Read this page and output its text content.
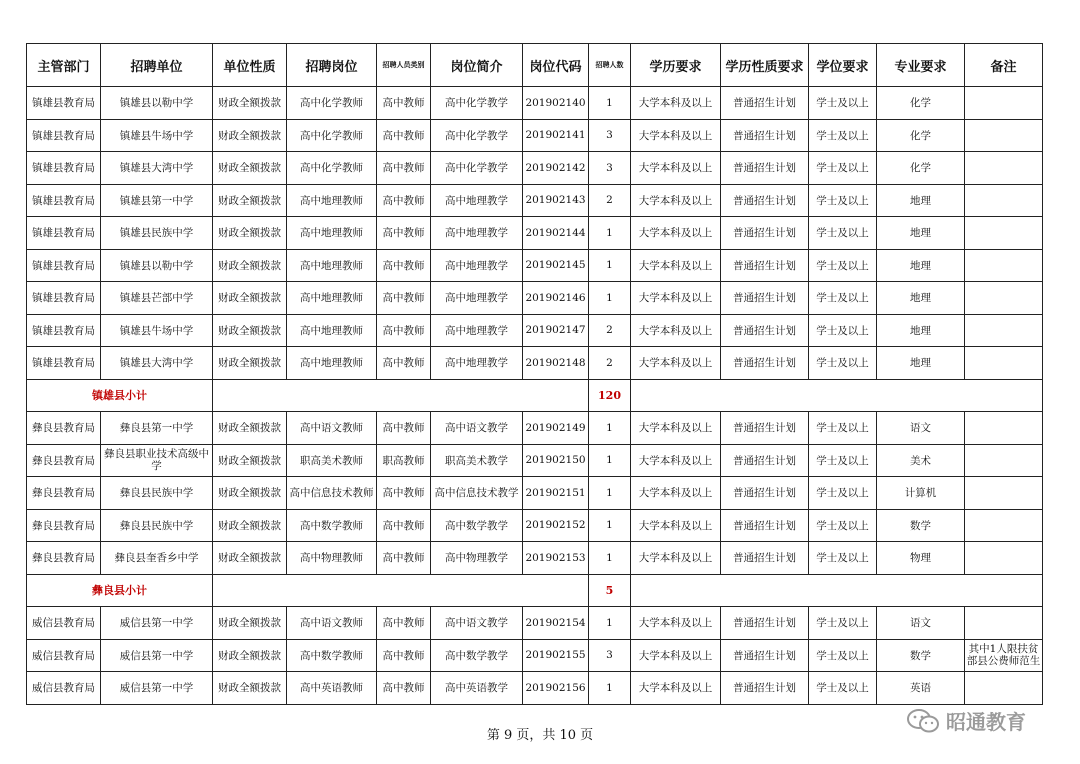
主管部门	招聘单位	单位性质	招聘岗位	招聘人员类别	岗位简介	岗位代码	招聘人数	学历要求	学历性质要求	学位要求	专业要求	备注
镇雄县教育局	镇雄县以勒中学	财政全额拨款	高中化学教师	高中教师	高中化学教学	201902140	1	大学本科及以上	普通招生计划	学士及以上	化学	
镇雄县教育局	镇雄县牛场中学	财政全额拨款	高中化学教师	高中教师	高中化学教学	201902141	3	大学本科及以上	普通招生计划	学士及以上	化学	
镇雄县教育局	镇雄县大湾中学	财政全额拨款	高中化学教师	高中教师	高中化学教学	201902142	3	大学本科及以上	普通招生计划	学士及以上	化学	
镇雄县教育局	镇雄县第一中学	财政全额拨款	高中地理教师	高中教师	高中地理教学	201902143	2	大学本科及以上	普通招生计划	学士及以上	地理	
镇雄县教育局	镇雄县民族中学	财政全额拨款	高中地理教师	高中教师	高中地理教学	201902144	1	大学本科及以上	普通招生计划	学士及以上	地理	
镇雄县教育局	镇雄县以勒中学	财政全额拨款	高中地理教师	高中教师	高中地理教学	201902145	1	大学本科及以上	普通招生计划	学士及以上	地理	
镇雄县教育局	镇雄县芒部中学	财政全额拨款	高中地理教师	高中教师	高中地理教学	201902146	1	大学本科及以上	普通招生计划	学士及以上	地理	
镇雄县教育局	镇雄县牛场中学	财政全额拨款	高中地理教师	高中教师	高中地理教学	201902147	2	大学本科及以上	普通招生计划	学士及以上	地理	
镇雄县教育局	镇雄县大湾中学	财政全额拨款	高中地理教师	高中教师	高中地理教学	201902148	2	大学本科及以上	普通招生计划	学士及以上	地理	
镇雄县小计							120					
彝良县教育局	彝良县第一中学	财政全额拨款	高中语文教师	高中教师	高中语文教学	201902149	1	大学本科及以上	普通招生计划	学士及以上	语文	
彝良县教育局	彝良县职业技术高级中学	财政全额拨款	职高美术教师	职高教师	职高美术教学	201902150	1	大学本科及以上	普通招生计划	学士及以上	美术	
彝良县教育局	彝良县民族中学	财政全额拨款	高中信息技术教师	高中教师	高中信息技术教学	201902151	1	大学本科及以上	普通招生计划	学士及以上	计算机	
彝良县教育局	彝良县民族中学	财政全额拨款	高中数学教师	高中教师	高中数学教学	201902152	1	大学本科及以上	普通招生计划	学士及以上	数学	
彝良县教育局	彝良县奎香乡中学	财政全额拨款	高中物理教师	高中教师	高中物理教学	201902153	1	大学本科及以上	普通招生计划	学士及以上	物理	
彝良县小计							5					
威信县教育局	威信县第一中学	财政全额拨款	高中语文教师	高中教师	高中语文教学	201902154	1	大学本科及以上	普通招生计划	学士及以上	语文	
威信县教育局	威信县第一中学	财政全额拨款	高中数学教师	高中教师	高中数学教学	201902155	3	大学本科及以上	普通招生计划	学士及以上	数学	其中1人限扶贫部县公费师范生
威信县教育局	威信县第一中学	财政全额拨款	高中英语教师	高中教师	高中英语教学	201902156	1	大学本科及以上	普通招生计划	学士及以上	英语	
第 9 页，共 10 页
昭通教育
